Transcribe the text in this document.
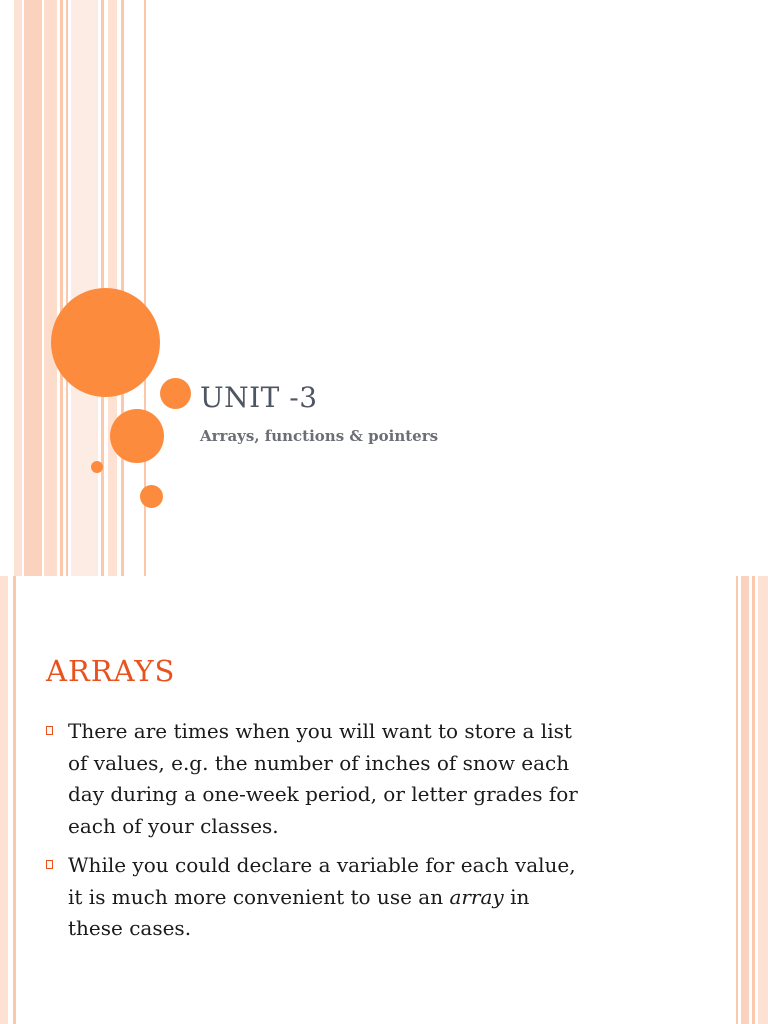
UNIT -3
Arrays, functions & pointers
ARRAYS
There are times when you will want to store a list
of values, e.g. the number of inches of snow each
day during a one-week period, or letter grades for
each of your classes.
While you could declare a variable for each value,
it is much more convenient to use an array in
these cases.
